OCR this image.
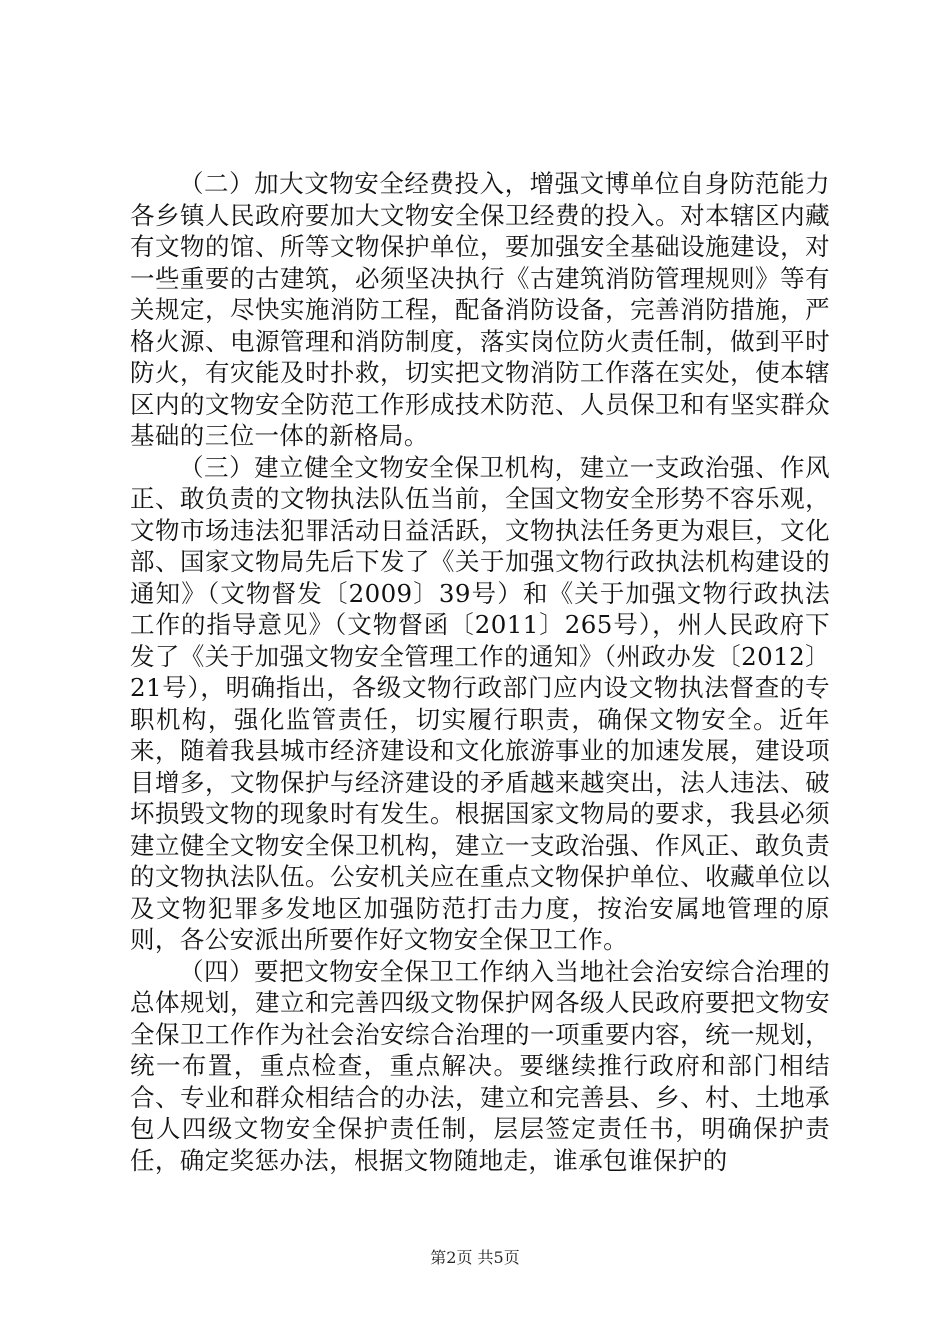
（二）加大文物安全经费投入，增强文博单位自身防范能力各乡镇人民政府要加大文物安全保卫经费的投入。对本辖区内藏有文物的馆、所等文物保护单位，要加强安全基础设施建设，对一些重要的古建筑，必须坚决执行《古建筑消防管理规则》等有关规定，尽快实施消防工程，配备消防设备，完善消防措施，严格火源、电源管理和消防制度，落实岗位防火责任制，做到平时防火，有灾能及时扑救，切实把文物消防工作落在实处，使本辖区内的文物安全防范工作形成技术防范、人员保卫和有坚实群众基础的三位一体的新格局。

（三）建立健全文物安全保卫机构，建立一支政治强、作风正、敢负责的文物执法队伍当前，全国文物安全形势不容乐观，文物市场违法犯罪活动日益活跃，文物执法任务更为艰巨，文化部、国家文物局先后下发了《关于加强文物行政执法机构建设的通知》（文物督发〔2009〕39号）和《关于加强文物行政执法工作的指导意见》（文物督函〔2011〕265号），州人民政府下发了《关于加强文物安全管理工作的通知》（州政办发〔2012〕21号），明确指出，各级文物行政部门应内设文物执法督查的专职机构，强化监管责任，切实履行职责，确保文物安全。近年来，随着我县城市经济建设和文化旅游事业的加速发展，建设项目增多，文物保护与经济建设的矛盾越来越突出，法人违法、破坏损毁文物的现象时有发生。根据国家文物局的要求，我县必须建立健全文物安全保卫机构，建立一支政治强、作风正、敢负责的文物执法队伍。公安机关应在重点文物保护单位、收藏单位以及文物犯罪多发地区加强防范打击力度，按治安属地管理的原则，各公安派出所要作好文物安全保卫工作。

（四）要把文物安全保卫工作纳入当地社会治安综合治理的总体规划，建立和完善四级文物保护网各级人民政府要把文物安全保卫工作作为社会治安综合治理的一项重要内容，统一规划，统一布置，重点检查，重点解决。要继续推行政府和部门相结合、专业和群众相结合的办法，建立和完善县、乡、村、土地承包人四级文物安全保护责任制，层层签定责任书，明确保护责任，确定奖惩办法，根据文物随地走，谁承包谁保护的

第2页 共5页
